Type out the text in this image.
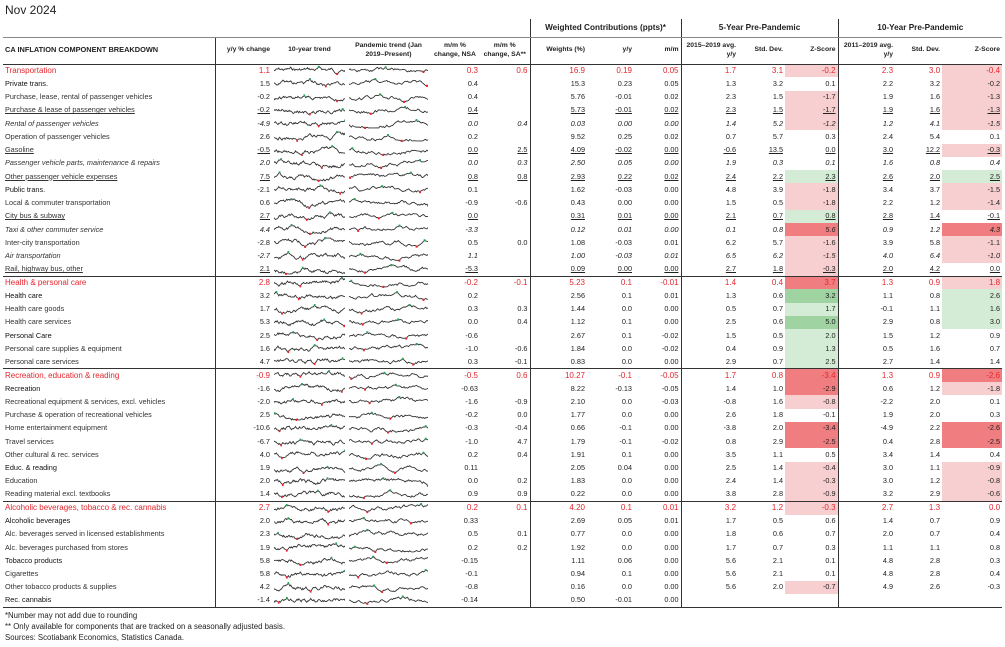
Nov 2024
						Weighted Contributions (ppts)*			5-Year Pre-Pandemic			10-Year Pre-Pandemic		
CA INFLATION COMPONENT BREAKDOWN	y/y % change	10-year trend	Pandemic trend (Jan 2019–Present)	m/m % change, NSA	m/m % change, SA**	Weights (%)	y/y	m/m	2015–2019 avg. y/y	Std. Dev.	Z-Score	2011–2019 avg. y/y	Std. Dev.	Z-Score
Transportation	1.1			0.3	0.6	16.9	0.19	0.05	1.7	3.1	-0.2	2.3	3.0	-0.4
Private trans.	1.5			0.4		15.3	0.23	0.05	1.3	3.2	0.1	2.2	3.2	-0.2
Purchase, lease, rental of passenger vehicles	-0.2			0.4		5.76	-0.01	0.02	2.3	1.5	-1.7	1.9	1.6	-1.3
Purchase & lease of passenger vehicles	-0.2			0.4		5.73	-0.01	0.02	2.3	1.5	-1.7	1.9	1.6	-1.3
Rental of passenger vehicles	-4.9			0.0	0.4	0.03	0.00	0.00	1.4	5.2	-1.2	1.2	4.1	-1.5
Operation of passenger vehicles	2.6			0.2		9.52	0.25	0.02	0.7	5.7	0.3	2.4	5.4	0.1
Gasoline	-0.5			0.0	2.5	4.09	-0.02	0.00	-0.6	13.5	0.0	3.0	12.2	-0.3
Passenger vehicle parts, maintenance & repairs	2.0			0.0	0.3	2.50	0.05	0.00	1.9	0.3	0.1	1.6	0.8	0.4
Other passenger vehicle expenses	7.5			0.8	0.8	2.93	0.22	0.02	2.4	2.2	2.3	2.6	2.0	2.5
Public trans.	-2.1			0.1		1.62	-0.03	0.00	4.8	3.9	-1.8	3.4	3.7	-1.5
Local & commuter transportation	0.6			-0.9	-0.6	0.43	0.00	0.00	1.5	0.5	-1.8	2.2	1.2	-1.4
City bus & subway	2.7			0.0		0.31	0.01	0.00	2.1	0.7	0.8	2.8	1.4	-0.1
Taxi & other commuter service	4.4			-3.3		0.12	0.01	0.00	0.1	0.8	5.6	0.9	1.2	4.3
Inter-city transportation	-2.8			0.5	0.0	1.08	-0.03	0.01	6.2	5.7	-1.6	3.9	5.8	-1.1
Air transportation	-2.7			1.1		1.00	-0.03	0.01	6.5	6.2	-1.5	4.0	6.4	-1.0
Rail, highway bus, other	2.1			-5.3		0.09	0.00	0.00	2.7	1.8	-0.3	2.0	4.2	0.0
Health & personal care	2.8			-0.2	-0.1	5.23	0.1	-0.01	1.4	0.4	3.7	1.3	0.9	1.8
Health care	3.2			0.2		2.56	0.1	0.01	1.3	0.6	3.2	1.1	0.8	2.6
Health care goods	1.7			0.3	0.3	1.44	0.0	0.00	0.5	0.7	1.7	-0.1	1.1	1.6
Health care services	5.3			0.0	0.4	1.12	0.1	0.00	2.5	0.6	5.0	2.9	0.8	3.0
Personal Care	2.5			-0.6		2.67	0.1	-0.02	1.5	0.5	2.0	1.5	1.2	0.9
Personal care supplies & equipment	1.6			-1.0	-0.6	1.84	0.0	-0.02	0.4	0.9	1.3	0.5	1.6	0.7
Personal care services	4.7			0.3	-0.1	0.83	0.0	0.00	2.9	0.7	2.5	2.7	1.4	1.4
Recreation, education & reading	-0.9			-0.5	0.6	10.27	-0.1	-0.05	1.7	0.8	-3.4	1.3	0.9	-2.6
Recreation	-1.6			-0.63		8.22	-0.13	-0.05	1.4	1.0	-2.9	0.6	1.2	-1.8
Recreational equipment & services, excl. vehicles	-2.0			-1.6	-0.9	2.10	0.0	-0.03	-0.8	1.6	-0.8	-2.2	2.0	0.1
Purchase & operation of recreational vehicles	2.5			-0.2	0.0	1.77	0.0	0.00	2.6	1.8	-0.1	1.9	2.0	0.3
Home entertainment equipment	-10.6			-0.3	-0.4	0.66	-0.1	0.00	-3.8	2.0	-3.4	-4.9	2.2	-2.6
Travel services	-6.7			-1.0	4.7	1.79	-0.1	-0.02	0.8	2.9	-2.5	0.4	2.8	-2.5
Other cultural & rec. services	4.0			0.2	0.4	1.91	0.1	0.00	3.5	1.1	0.5	3.4	1.4	0.4
Educ. & reading	1.9			0.11		2.05	0.04	0.00	2.5	1.4	-0.4	3.0	1.1	-0.9
Education	2.0			0.0	0.2	1.83	0.0	0.00	2.4	1.4	-0.3	3.0	1.2	-0.8
Reading material excl. textbooks	1.4			0.9	0.9	0.22	0.0	0.00	3.8	2.8	-0.9	3.2	2.9	-0.6
Alcoholic beverages, tobacco & rec. cannabis	2.7			0.2	0.1	4.20	0.1	0.01	3.2	1.2	-0.3	2.7	1.3	0.0
Alcoholic beverages	2.0			0.33		2.69	0.05	0.01	1.7	0.5	0.6	1.4	0.7	0.9
Alc. beverages served in licensed establishments	2.3			0.5	0.1	0.77	0.0	0.00	1.8	0.6	0.7	2.0	0.7	0.4
Alc. beverages purchased from stores	1.9			0.2	0.2	1.92	0.0	0.00	1.7	0.7	0.3	1.1	1.1	0.8
Tobacco products	5.8			-0.15		1.11	0.06	0.00	5.6	2.1	0.1	4.8	2.8	0.3
Cigarettes	5.8			-0.1		0.94	0.1	0.00	5.6	2.1	0.1	4.8	2.8	0.4
Other tobacco products & supplies	4.2			-0.8		0.16	0.0	0.00	5.6	2.0	-0.7	4.9	2.6	-0.3
Rec. cannabis	-1.4			-0.14		0.50	-0.01	0.00						
*Number may not add due to rounding
** Only available for components that are tracked on a seasonally adjusted basis.
Sources: Scotiabank Economics, Statistics Canada.
